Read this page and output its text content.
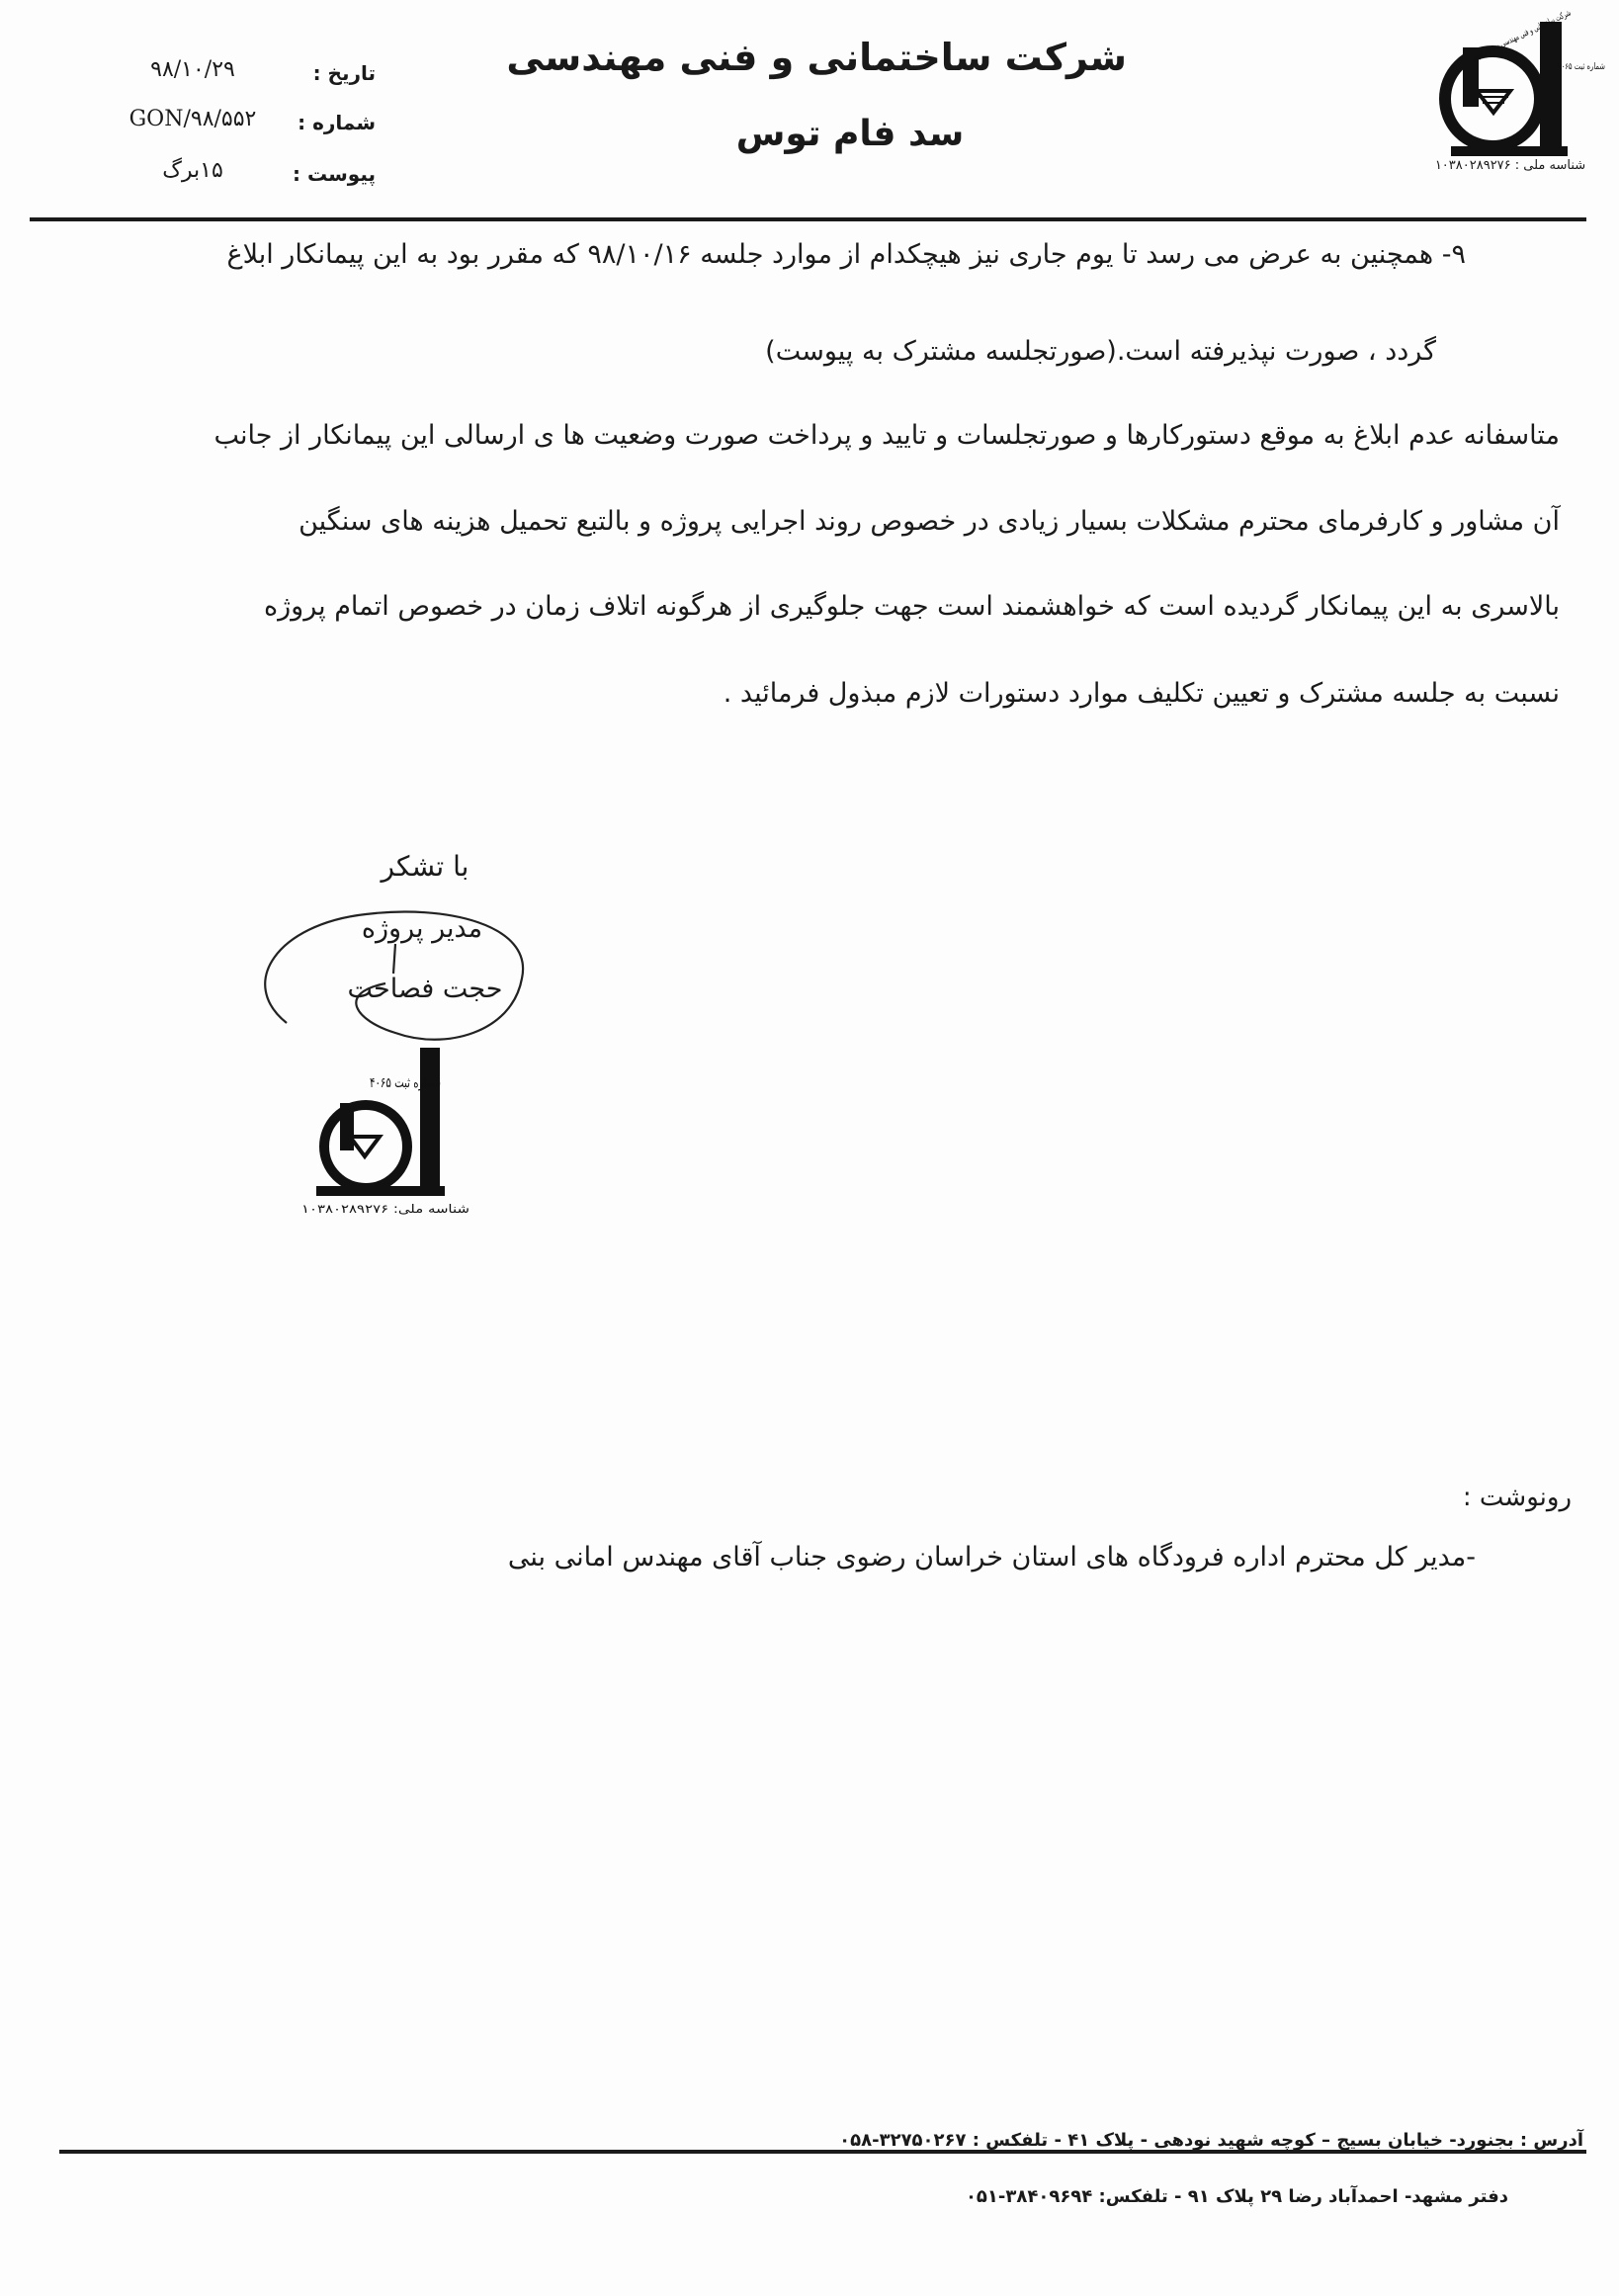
شماره ثبت ۴۰۶۵
شناسه ملی : ۱۰۳۸۰۲۸۹۲۷۶
شرکت ساختمانی و فنی مهندسی
سد فام توس
تاریخ :
۹۸/۱۰/۲۹
شماره :
GON/۹۸/۵۵۲
پیوست :
۱۵برگ
۹- همچنین به عرض می رسد تا یوم جاری نیز هیچکدام از موارد جلسه ۹۸/۱۰/۱۶ که مقرر بود به این پیمانکار ابلاغ
گردد ، صورت نپذیرفته است.(صورتجلسه مشترک به پیوست)
متاسفانه عدم ابلاغ به موقع دستورکارها و صورتجلسات و تایید و پرداخت صورت وضعیت ها ی ارسالی این پیمانکار از جانب
آن مشاور و کارفرمای محترم مشکلات بسیار زیادی در خصوص روند اجرایی پروژه و بالتبع تحمیل هزینه های سنگین
بالاسری به این پیمانکار گردیده است که خواهشمند است جهت جلوگیری از هرگونه اتلاف زمان در خصوص اتمام پروژه
نسبت به جلسه مشترک و تعیین تکلیف موارد دستورات لازم مبذول فرمائید .
با تشکر
مدیر پروژه
حجت فصاحت
شماره ثبت ۴۰۶۵
شناسه ملی: ۱۰۳۸۰۲۸۹۲۷۶
رونوشت :
-مدیر کل محترم اداره فرودگاه های استان خراسان رضوی جناب آقای مهندس امانی بنی
آدرس : بجنورد- خیابان بسیج – کوچه شهید نودهی - پلاک ۴۱ - تلفکس : ۳۲۷۵۰۲۶۷-۰۵۸
دفتر مشهد- احمدآباد رضا ۲۹ پلاک ۹۱ - تلفکس: ۳۸۴۰۹۶۹۴-۰۵۱
